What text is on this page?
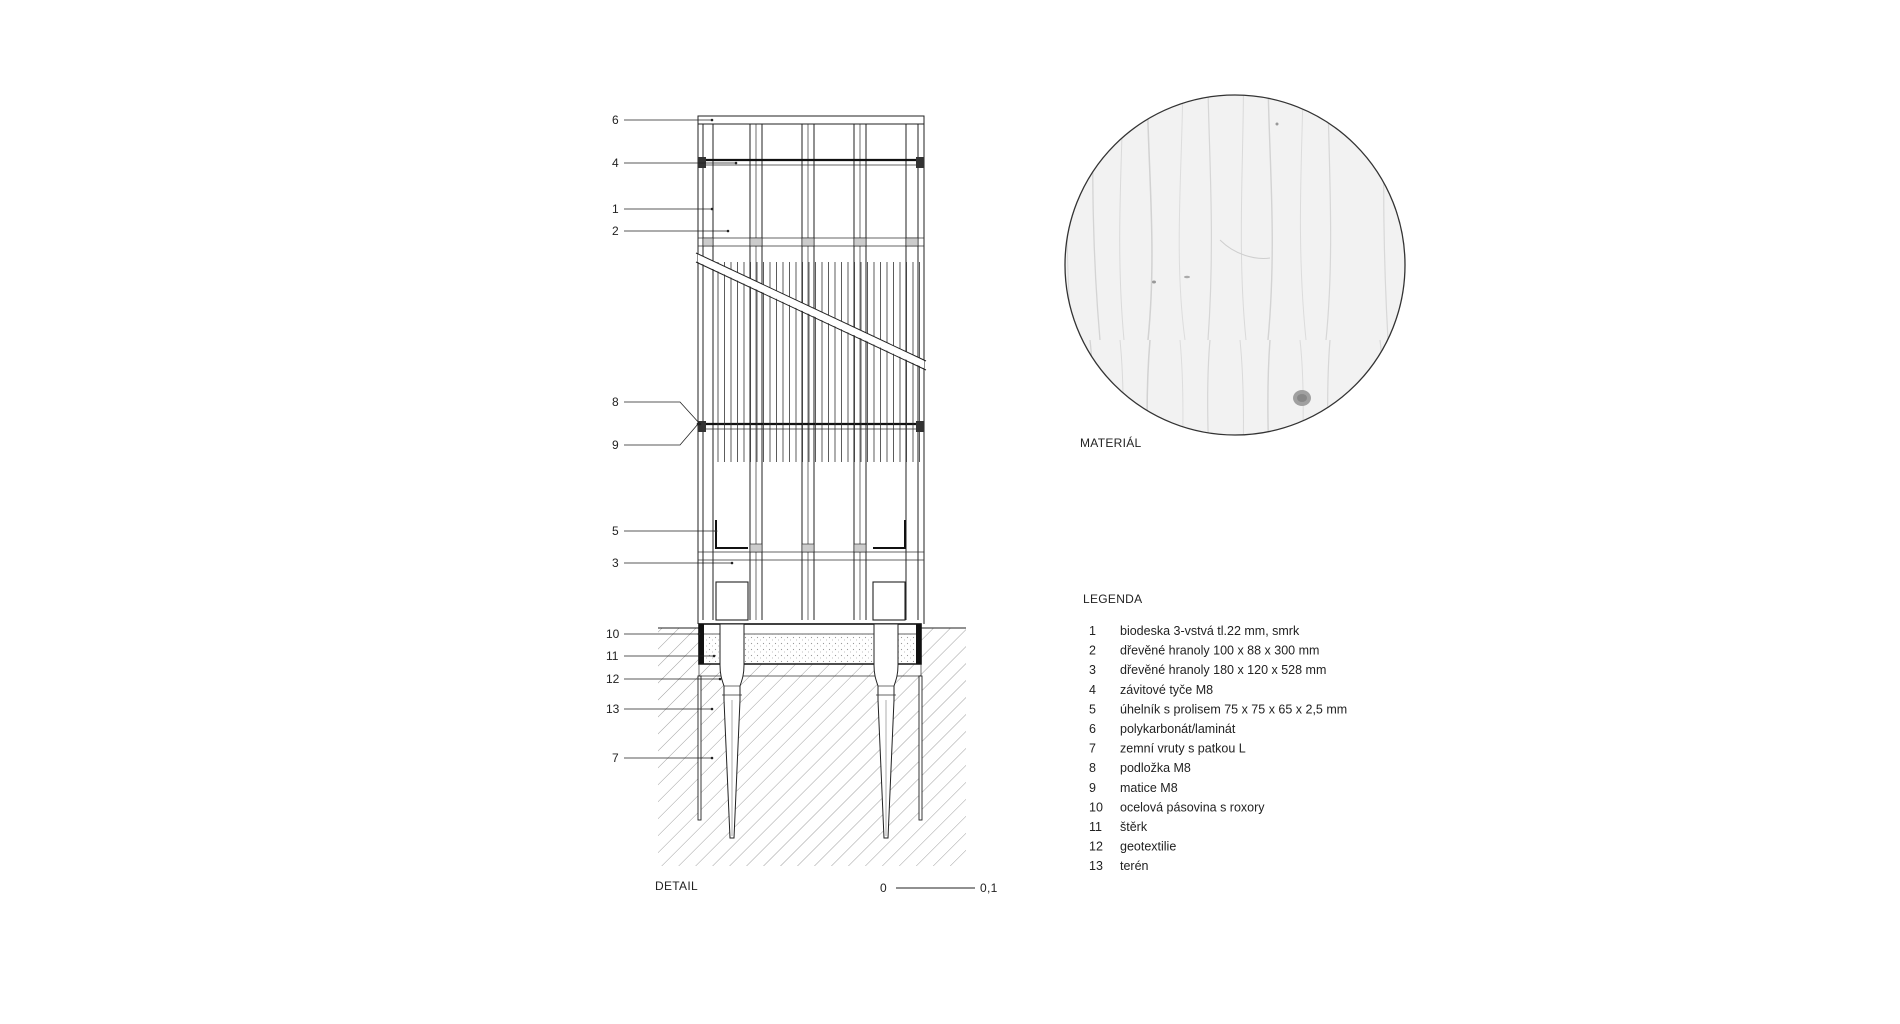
6
4
1
2
8
9
5
3
10
11
12
13
7
DETAIL	0	0,1
MATERIÁL
LEGENDA
1 biodeska 3-vstvá tl.22 mm, smrk
2 dřevěné hranoly 100 x 88 x 300 mm
3 dřevěné hranoly 180 x 120 x 528 mm
4 závitové tyče M8
5 úhelník s prolisem 75 x 75 x 65 x 2,5 mm
6 polykarbonát/laminát
7 zemní vruty s patkou L
8 podložka M8
9 matice M8
10 ocelová pásovina s roxory
11 štěrk
12 geotextilie
13 terén
